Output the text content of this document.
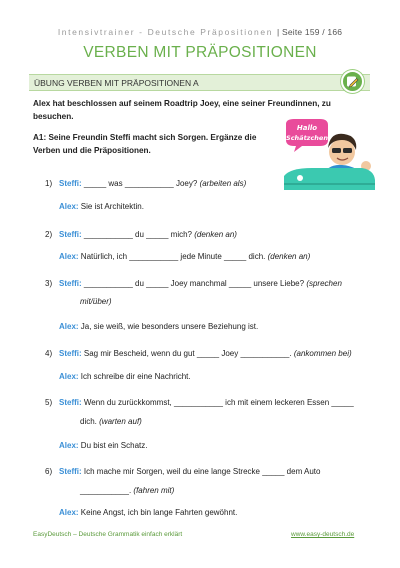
Intensivtrainer - Deutsche Präpositionen | Seite 159 / 166
VERBEN MIT PRÄPOSITIONEN
ÜBUNG VERBEN MIT PRÄPOSITIONEN A
Alex hat beschlossen auf seinem Roadtrip Joey, eine seiner Freundinnen, zu besuchen.
A1: Seine Freundin Steffi macht sich Sorgen. Ergänze die Verben und die Präpositionen.
Hallo
Schätzchen
1) Steffi: _____ was ___________ Joey? (arbeiten als)
Alex: Sie ist Architektin.
2) Steffi: ___________ du _____ mich? (denken an)
Alex: Natürlich, ich ___________ jede Minute _____ dich. (denken an)
3) Steffi: ___________ du _____ Joey manchmal _____ unsere Liebe? (sprechen
mit/über)
Alex: Ja, sie weiß, wie besonders unsere Beziehung ist.
4) Steffi: Sag mir Bescheid, wenn du gut _____ Joey ___________. (ankommen bei)
Alex: Ich schreibe dir eine Nachricht.
5) Steffi: Wenn du zurückkommst, ___________ ich mit einem leckeren Essen _____
dich. (warten auf)
Alex: Du bist ein Schatz.
6) Steffi: Ich mache mir Sorgen, weil du eine lange Strecke _____ dem Auto
___________. (fahren mit)
Alex: Keine Angst, ich bin lange Fahrten gewöhnt.
EasyDeutsch – Deutsche Grammatik einfach erklärt	www.easy-deutsch.de
